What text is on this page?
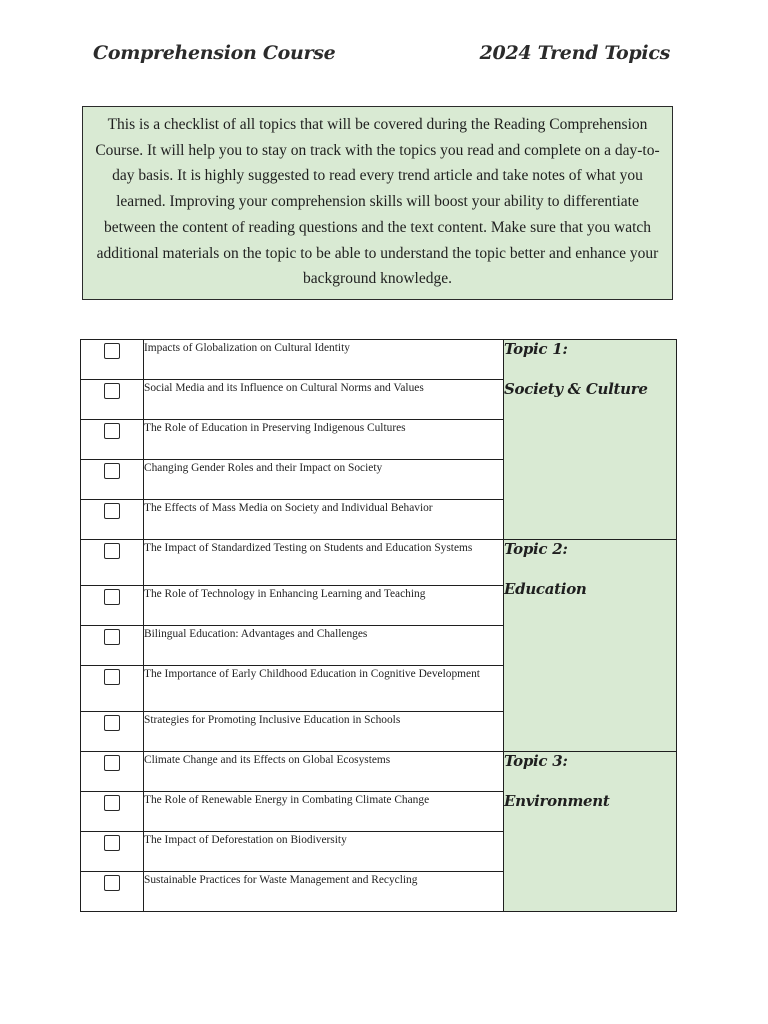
Comprehension Course	2024 Trend Topics
This is a checklist of all topics that will be covered during the Reading Comprehension Course. It will help you to stay on track with the topics you read and complete on a day-to-day basis. It is highly suggested to read every trend article and take notes of what you learned. Improving your comprehension skills will boost your ability to differentiate between the content of reading questions and the text content. Make sure that you watch additional materials on the topic to be able to understand the topic better and enhance your background knowledge.
	Impacts of Globalization on Cultural Identity	Topic 1:
Society & Culture

	Social Media and its Influence on Cultural Norms and Values	
	The Role of Education in Preserving Indigenous Cultures	
	Changing Gender Roles and their Impact on Society	
	The Effects of Mass Media on Society and Individual Behavior	
	The Impact of Standardized Testing on Students and Education Systems	Topic 2:
Education

	The Role of Technology in Enhancing Learning and Teaching	
	Bilingual Education: Advantages and Challenges	
	The Importance of Early Childhood Education in Cognitive Development	
	Strategies for Promoting Inclusive Education in Schools	
	Climate Change and its Effects on Global Ecosystems	Topic 3:
Environment

	The Role of Renewable Energy in Combating Climate Change	
	The Impact of Deforestation on Biodiversity	
	Sustainable Practices for Waste Management and Recycling	
